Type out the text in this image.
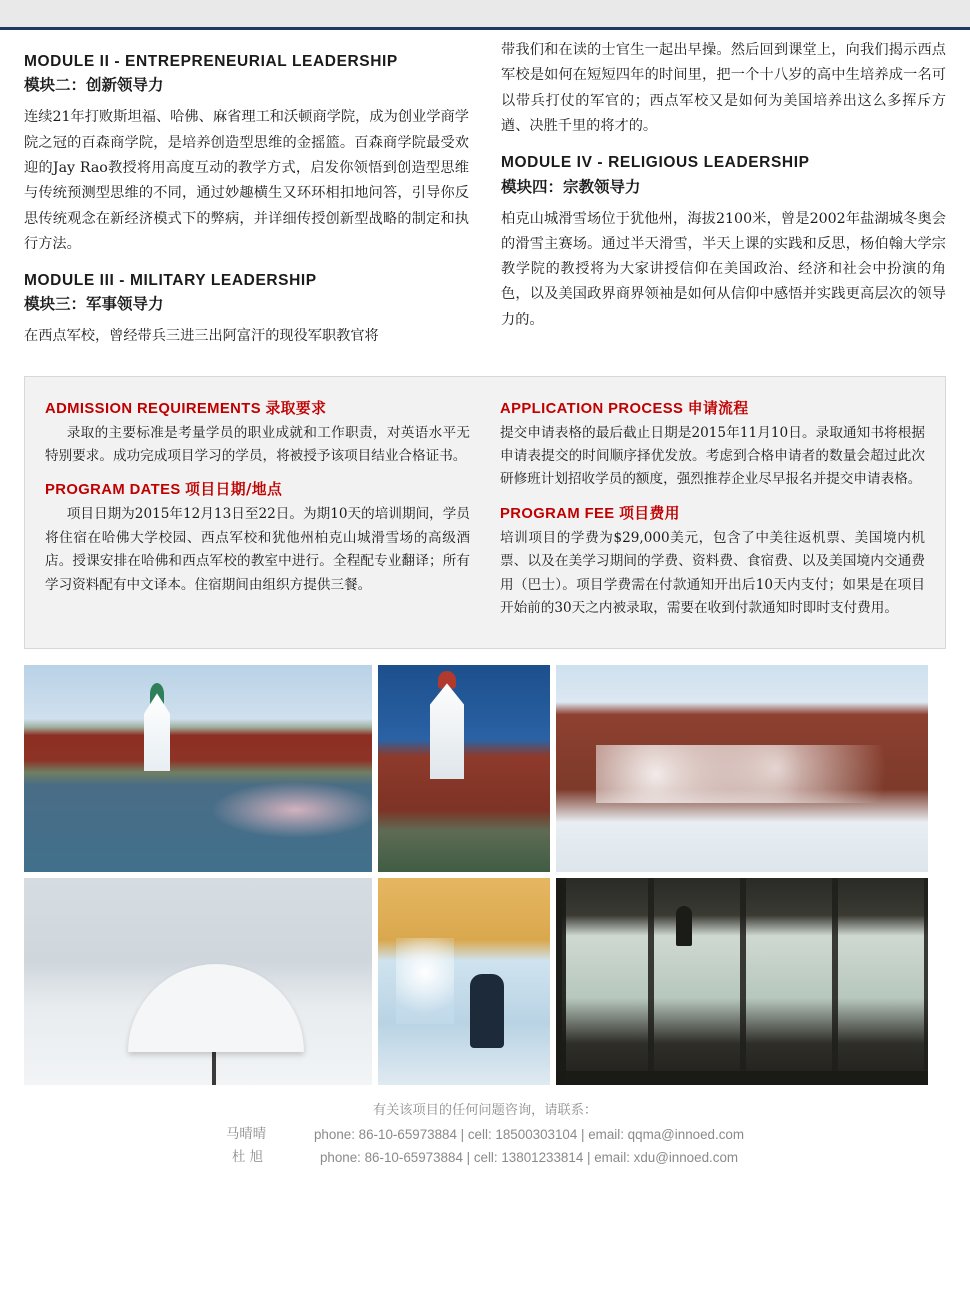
MODULE II - ENTREPRENEURIAL LEADERSHIP
模块二：创新领导力

连续21年打败斯坦福、哈佛、麻省理工和沃顿商学院，成为创业学商学院之冠的百森商学院，是培养创造型思维的金摇篮。百森商学院最受欢迎的Jay Rao教授将用高度互动的教学方式，启发你领悟到创造型思维与传统预测型思维的不同，通过妙趣横生又环环相扣地问答，引导你反思传统观念在新经济模式下的弊病，并详细传授创新型战略的制定和执行方法。

MODULE III - MILITARY LEADERSHIP
模块三：军事领导力

在西点军校，曾经带兵三进三出阿富汗的现役军职教官将

带我们和在读的士官生一起出早操。然后回到课堂上，向我们揭示西点军校是如何在短短四年的时间里，把一个十八岁的高中生培养成一名可以带兵打仗的军官的；西点军校又是如何为美国培养出这么多挥斥方遒、决胜千里的将才的。

MODULE IV - RELIGIOUS LEADERSHIP
模块四：宗教领导力

柏克山城滑雪场位于犹他州，海拔2100米，曾是2002年盐湖城冬奥会的滑雪主赛场。通过半天滑雪，半天上课的实践和反思，杨伯翰大学宗教学院的教授将为大家讲授信仰在美国政治、经济和社会中扮演的角色，以及美国政界商界领袖是如何从信仰中感悟并实践更高层次的领导力的。

ADMISSION REQUIREMENTS 录取要求

录取的主要标准是考量学员的职业成就和工作职责，对英语水平无特别要求。成功完成项目学习的学员，将被授予该项目结业合格证书。

PROGRAM DATES 项目日期/地点

项目日期为2015年12月13日至22日。为期10天的培训期间，学员将住宿在哈佛大学校园、西点军校和犹他州柏克山城滑雪场的高级酒店。授课安排在哈佛和西点军校的教室中进行。全程配专业翻译；所有学习资料配有中文译本。住宿期间由组织方提供三餐。

APPLICATION PROCESS 申请流程

提交申请表格的最后截止日期是2015年11月10日。录取通知书将根据申请表提交的时间顺序择优发放。考虑到合格申请者的数量会超过此次研修班计划招收学员的额度，强烈推荐企业尽早报名并提交申请表格。

PROGRAM FEE 项目费用

培训项目的学费为$29,000美元，包含了中美往返机票、美国境内机票、以及在美学习期间的学费、资料费、食宿费、以及美国境内交通费用（巴士）。项目学费需在付款通知开出后10天内支付；如果是在项目开始前的30天之内被录取，需要在收到付款通知时即时支付费用。

有关该项目的任何问题咨询，请联系：
马晴晴	phone: 86-10-65973884 | cell: 18500303104 | email: qqma@innoed.com
杜 旭	phone: 86-10-65973884 | cell: 13801233814 | email: xdu@innoed.com
